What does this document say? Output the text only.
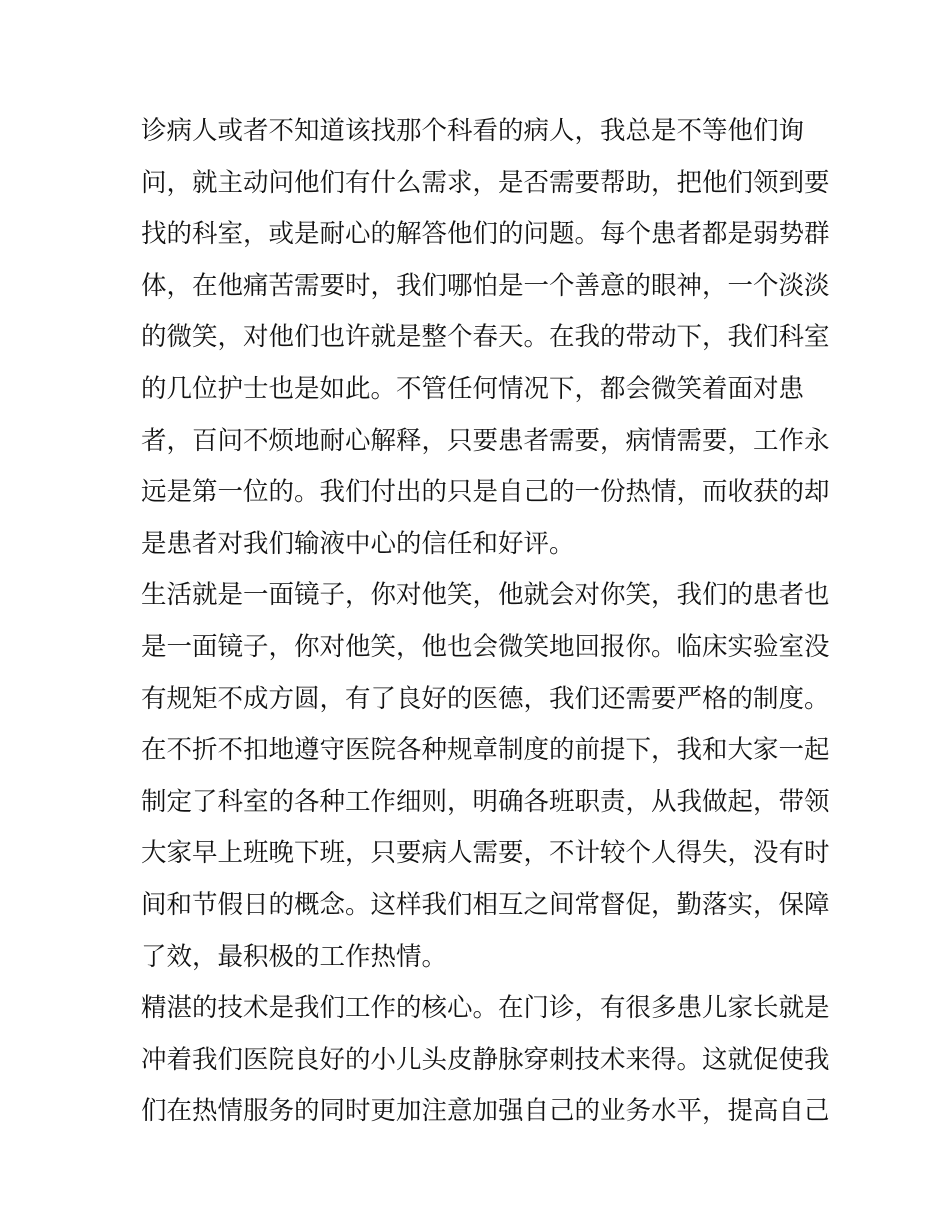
诊病人或者不知道该找那个科看的病人，我总是不等他们询
问，就主动问他们有什么需求，是否需要帮助，把他们领到要
找的科室，或是耐心的解答他们的问题。每个患者都是弱势群
体，在他痛苦需要时，我们哪怕是一个善意的眼神，一个淡淡
的微笑，对他们也许就是整个春天。在我的带动下，我们科室
的几位护士也是如此。不管任何情况下，都会微笑着面对患
者，百问不烦地耐心解释，只要患者需要，病情需要，工作永
远是第一位的。我们付出的只是自己的一份热情，而收获的却
是患者对我们输液中心的信任和好评。
生活就是一面镜子，你对他笑，他就会对你笑，我们的患者也
是一面镜子，你对他笑，他也会微笑地回报你。临床实验室没
有规矩不成方圆，有了良好的医德，我们还需要严格的制度。
在不折不扣地遵守医院各种规章制度的前提下，我和大家一起
制定了科室的各种工作细则，明确各班职责，从我做起，带领
大家早上班晚下班，只要病人需要，不计较个人得失，没有时
间和节假日的概念。这样我们相互之间常督促，勤落实，保障
了效，最积极的工作热情。
精湛的技术是我们工作的核心。在门诊，有很多患儿家长就是
冲着我们医院良好的小儿头皮静脉穿刺技术来得。这就促使我
们在热情服务的同时更加注意加强自己的业务水平，提高自己
